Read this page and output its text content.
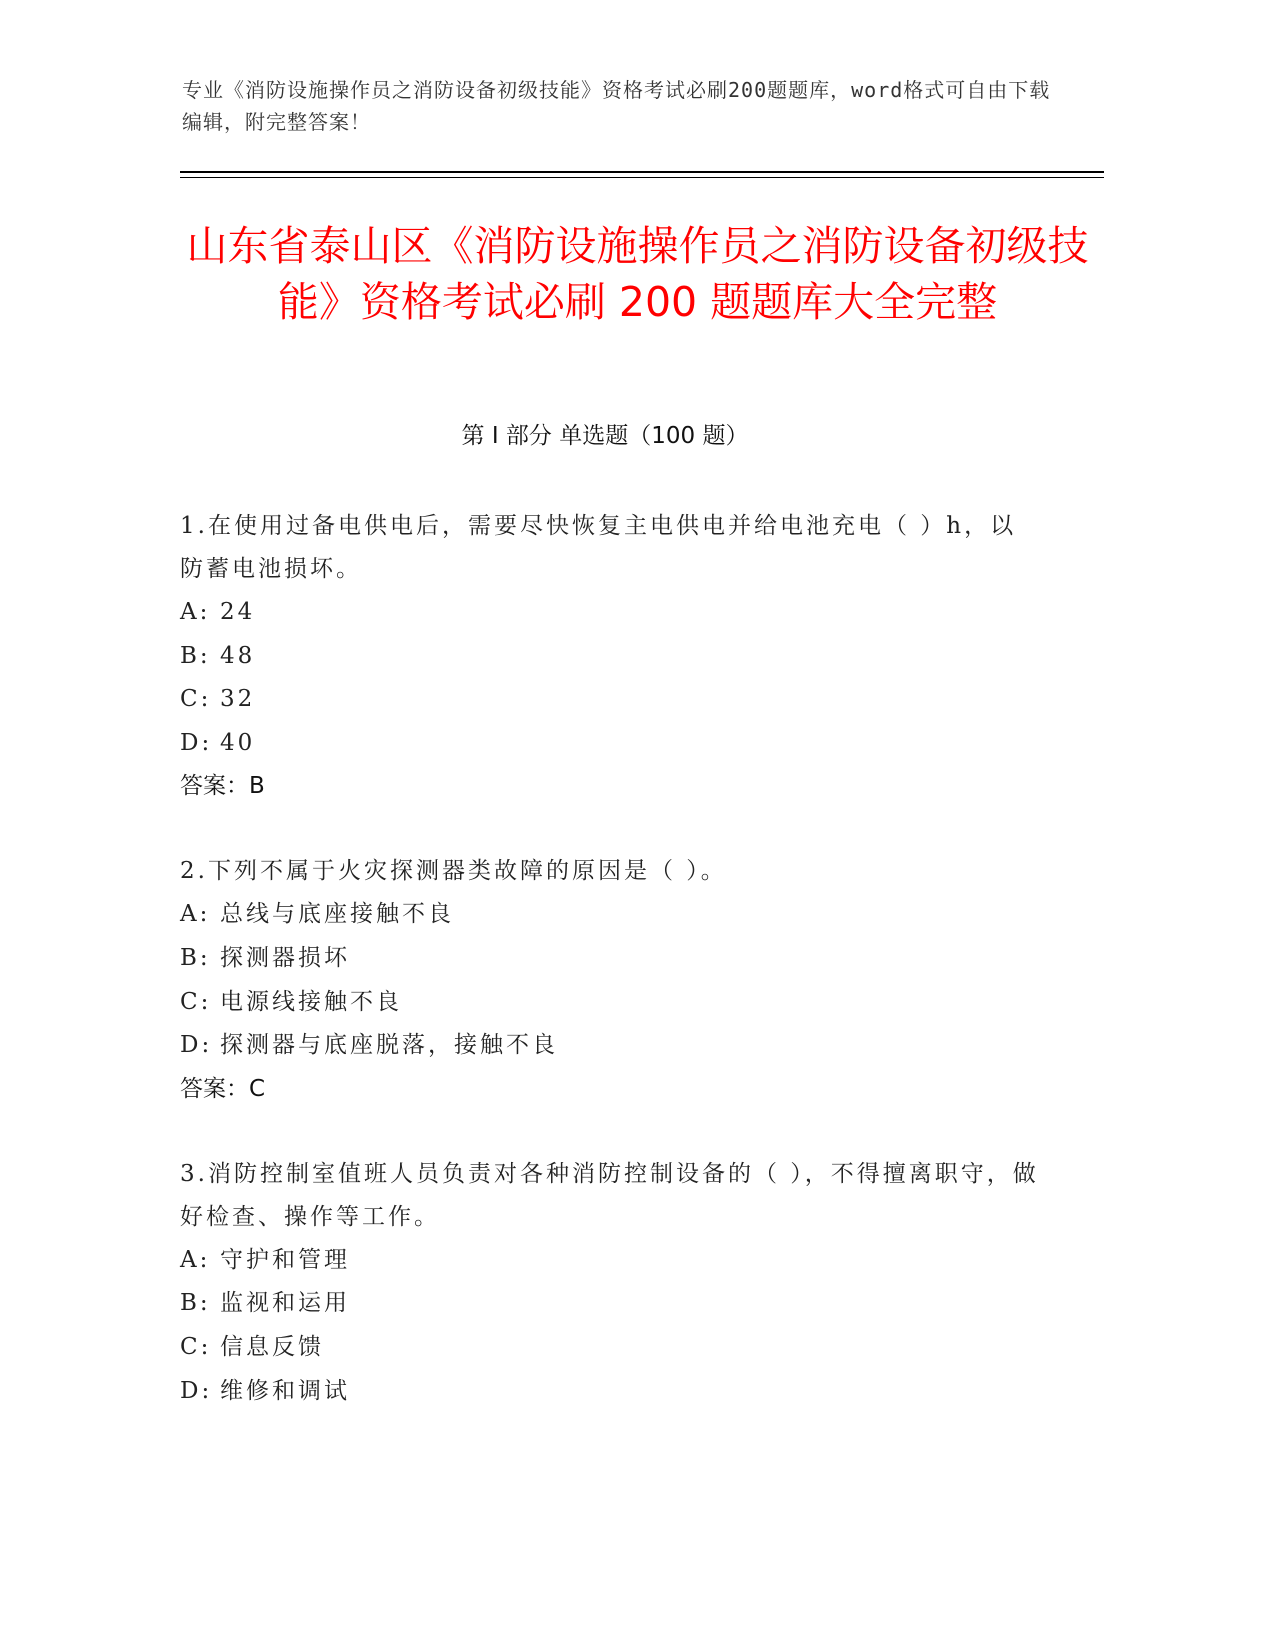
专业《消防设施操作员之消防设备初级技能》资格考试必刷200题题库，word格式可自由下载编辑，附完整答案！
山东省泰山区《消防设施操作员之消防设备初级技能》资格考试必刷 200 题题库大全完整
第 I 部分 单选题（100 题）

1.在使用过备电供电后，需要尽快恢复主电供电并给电池充电（ ）h，以防蓄电池损坏。

A: 24

B: 48

C: 32

D: 40

答案：B

2.下列不属于火灾探测器类故障的原因是（ ）。

A: 总线与底座接触不良

B: 探测器损坏

C: 电源线接触不良

D: 探测器与底座脱落，接触不良

答案：C

3.消防控制室值班人员负责对各种消防控制设备的（ ），不得擅离职守，做好检查、操作等工作。

A: 守护和管理

B: 监视和运用

C: 信息反馈

D: 维修和调试
